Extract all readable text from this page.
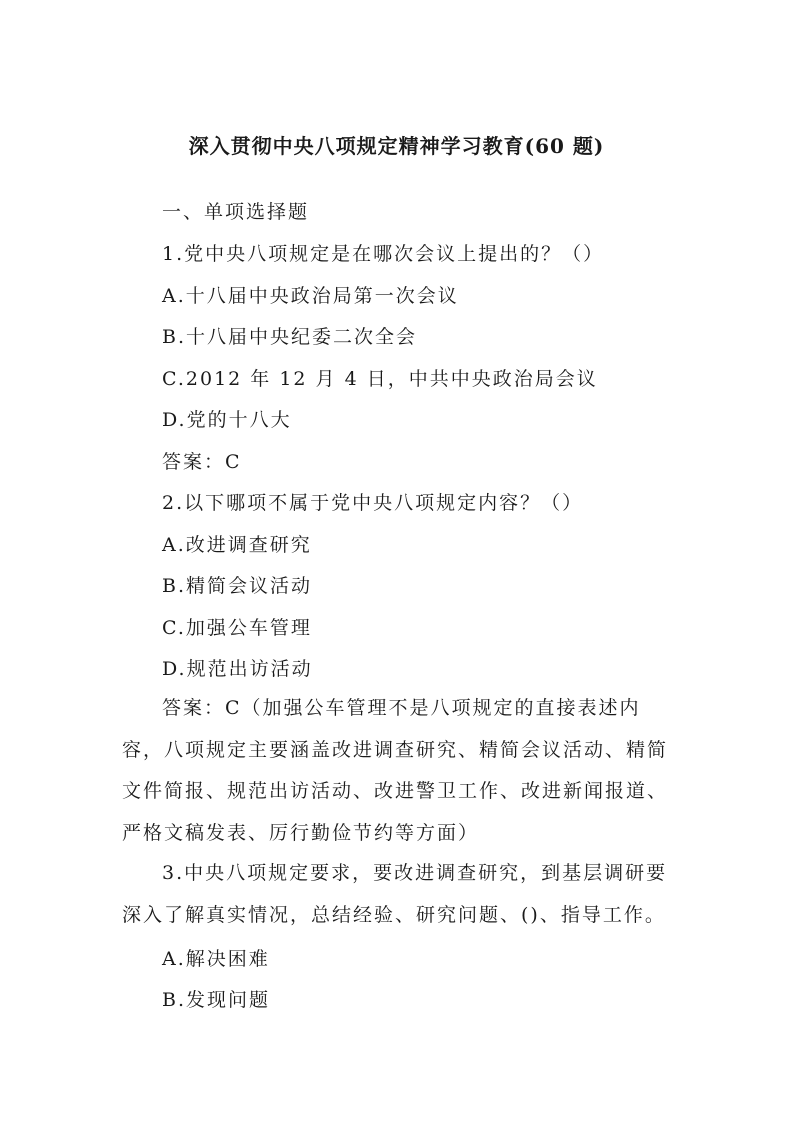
深入贯彻中央八项规定精神学习教育(60 题)
一、单项选择题
1.党中央八项规定是在哪次会议上提出的？（）
A.十八届中央政治局第一次会议
B.十八届中央纪委二次全会
C.2012 年 12 月 4 日，中共中央政治局会议
D.党的十八大
答案：C
2.以下哪项不属于党中央八项规定内容？（）
A.改进调查研究
B.精简会议活动
C.加强公车管理
D.规范出访活动
答案：C（加强公车管理不是八项规定的直接表述内容，八项规定主要涵盖改进调查研究、精简会议活动、精简文件简报、规范出访活动、改进警卫工作、改进新闻报道、严格文稿发表、厉行勤俭节约等方面）
3.中央八项规定要求，要改进调查研究，到基层调研要深入了解真实情况，总结经验、研究问题、()、指导工作。
A.解决困难
B.发现问题
